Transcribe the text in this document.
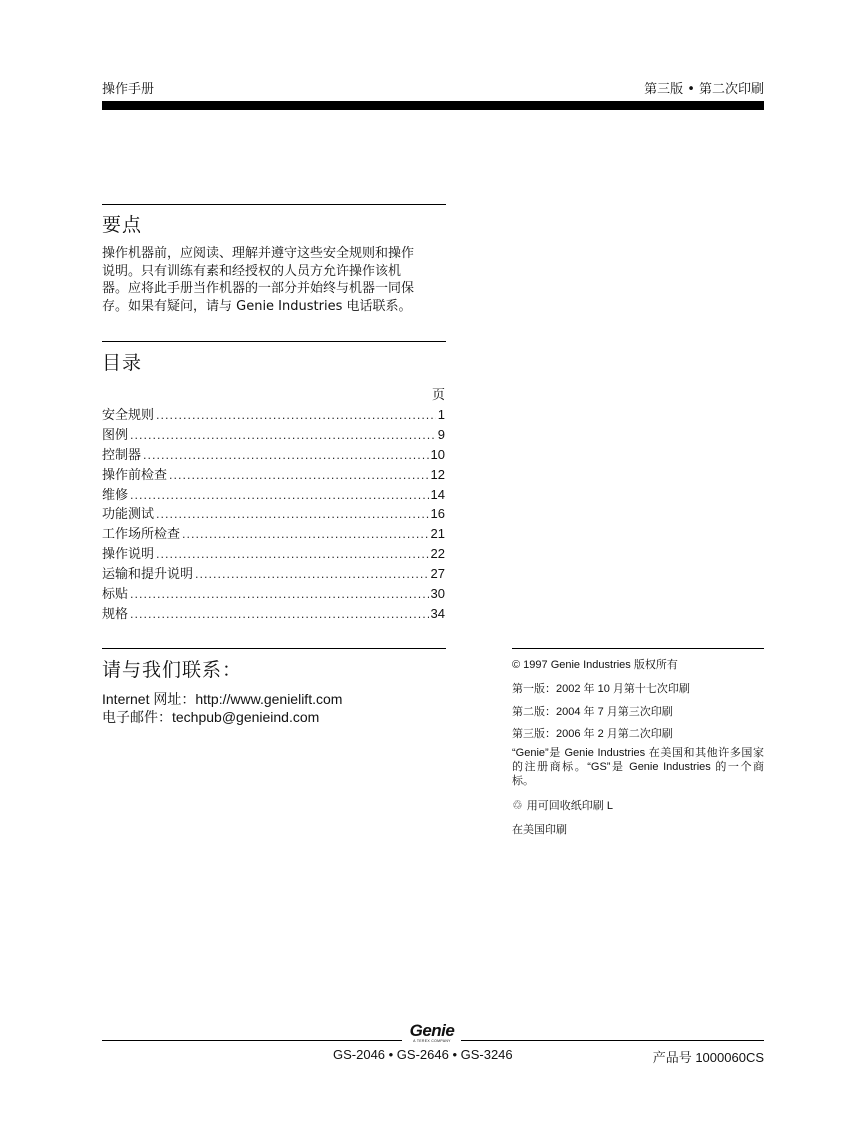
操作手册	第三版 • 第二次印刷
要点
操作机器前，应阅读、理解并遵守这些安全规则和操作
说明。只有训练有素和经授权的人员方允许操作该机
器。应将此手册当作机器的一部分并始终与机器一同保
存。如果有疑问，请与 Genie Industries 电话联系。
目录
页
安全规则 .....	1
图例 .....	9
控制器 .....	10
操作前检查 .....	12
维修 .....	14
功能测试 .....	16
工作场所检查 .....	21
操作说明 .....	22
运输和提升说明 .....	27
标贴 .....	30
规格 .....	34
请与我们联系：
Internet 网址：http://www.genielift.com
电子邮件：techpub@genieind.com
© 1997 Genie Industries 版权所有
第一版：2002 年 10 月第十七次印刷
第二版：2004 年 7 月第三次印刷
第三版：2006 年 2 月第二次印刷
“Genie”是 Genie Industries 在美国和其他许多国家的注册商标。“GS”是 Genie Industries 的一个商标。
♲ 用可回收纸印刷 L
在美国印刷
Genie
A TEREX COMPANY
GS-2046 • GS-2646 • GS-3246	产品号 1000060CS
